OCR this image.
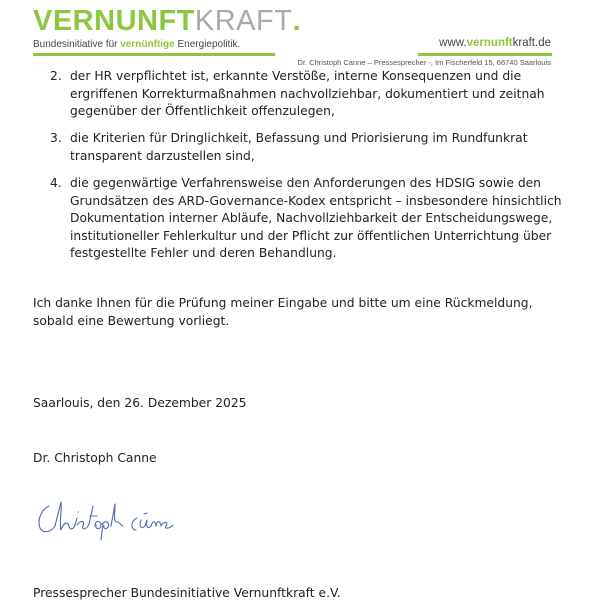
VERNUNFTKRAFT.
Bundesinitiative für vernünftige Energiepolitik.	www.vernunftkraft.de
Dr. Christoph Canne – Pressesprecher -, Im Fischerfeld 15, 66740 Saarlouis
2. der HR verpflichtet ist, erkannte Verstöße, interne Konsequenzen und die
ergriffenen Korrekturmaßnahmen nachvollziehbar, dokumentiert und zeitnah
gegenüber der Öffentlichkeit offenzulegen,
3. die Kriterien für Dringlichkeit, Befassung und Priorisierung im Rundfunkrat
transparent darzustellen sind,
4. die gegenwärtige Verfahrensweise den Anforderungen des HDSIG sowie den
Grundsätzen des ARD-Governance-Kodex entspricht – insbesondere hinsichtlich
Dokumentation interner Abläufe, Nachvollziehbarkeit der Entscheidungswege,
institutioneller Fehlerkultur und der Pflicht zur öffentlichen Unterrichtung über
festgestellte Fehler und deren Behandlung.
Ich danke Ihnen für die Prüfung meiner Eingabe und bitte um eine Rückmeldung,
sobald eine Bewertung vorliegt.
Saarlouis, den 26. Dezember 2025
Dr. Christoph Canne
Pressesprecher Bundesinitiative Vernunftkraft e.V.
